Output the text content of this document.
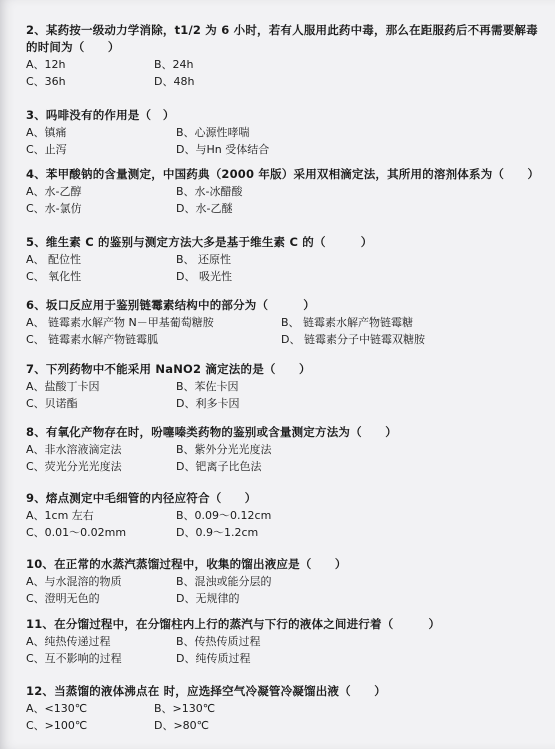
2、某药按一级动力学消除，t1/2 为 6 小时，若有人服用此药中毒，那么在距服药后不再需要解毒的时间为（　　）
A、12h	B、24h
C、36h	D、48h
3、吗啡没有的作用是（　）
A、镇痛	B、心源性哮喘
C、止泻	D、与Hn 受体结合
4、苯甲酸钠的含量测定，中国药典（2000 年版）采用双相滴定法，其所用的溶剂体系为（　　）
A、水-乙醇	B、水-冰醋酸
C、水-氯仿	D、水-乙醚
5、维生素 C 的鉴别与测定方法大多是基于维生素 C 的（　　　）
A、 配位性	B、 还原性
C、 氧化性	D、 吸光性
6、坂口反应用于鉴别链霉素结构中的部分为（　　　）
A、 链霉素水解产物 N－甲基葡萄糖胺	B、 链霉素水解产物链霉糖
C、 链霉素水解产物链霉胍	D、 链霉素分子中链霉双糖胺
7、下列药物中不能采用 NaNO2 滴定法的是（　　）
A、盐酸丁卡因	B、苯佐卡因
C、贝诺酯	D、利多卡因
8、有氧化产物存在时，吩噻嗪类药物的鉴别或含量测定方法为（　　）
A、非水溶液滴定法	B、紫外分光光度法
C、荧光分光光度法	D、钯离子比色法
9、熔点测定中毛细管的内径应符合（　　）
A、1cm 左右	B、0.09～0.12cm
C、0.01～0.02mm	D、0.9～1.2cm
10、在正常的水蒸汽蒸馏过程中，收集的馏出液应是（　　）
A、与水混溶的物质	B、混浊或能分层的
C、澄明无色的	D、无规律的
11、在分馏过程中，在分馏柱内上行的蒸汽与下行的液体之间进行着（　　　）
A、纯热传递过程	B、传热传质过程
C、互不影响的过程	D、纯传质过程
12、当蒸馏的液体沸点在 时，应选择空气冷凝管冷凝馏出液（　　）
A、<130℃	B、>130℃
C、>100℃	D、>80℃
